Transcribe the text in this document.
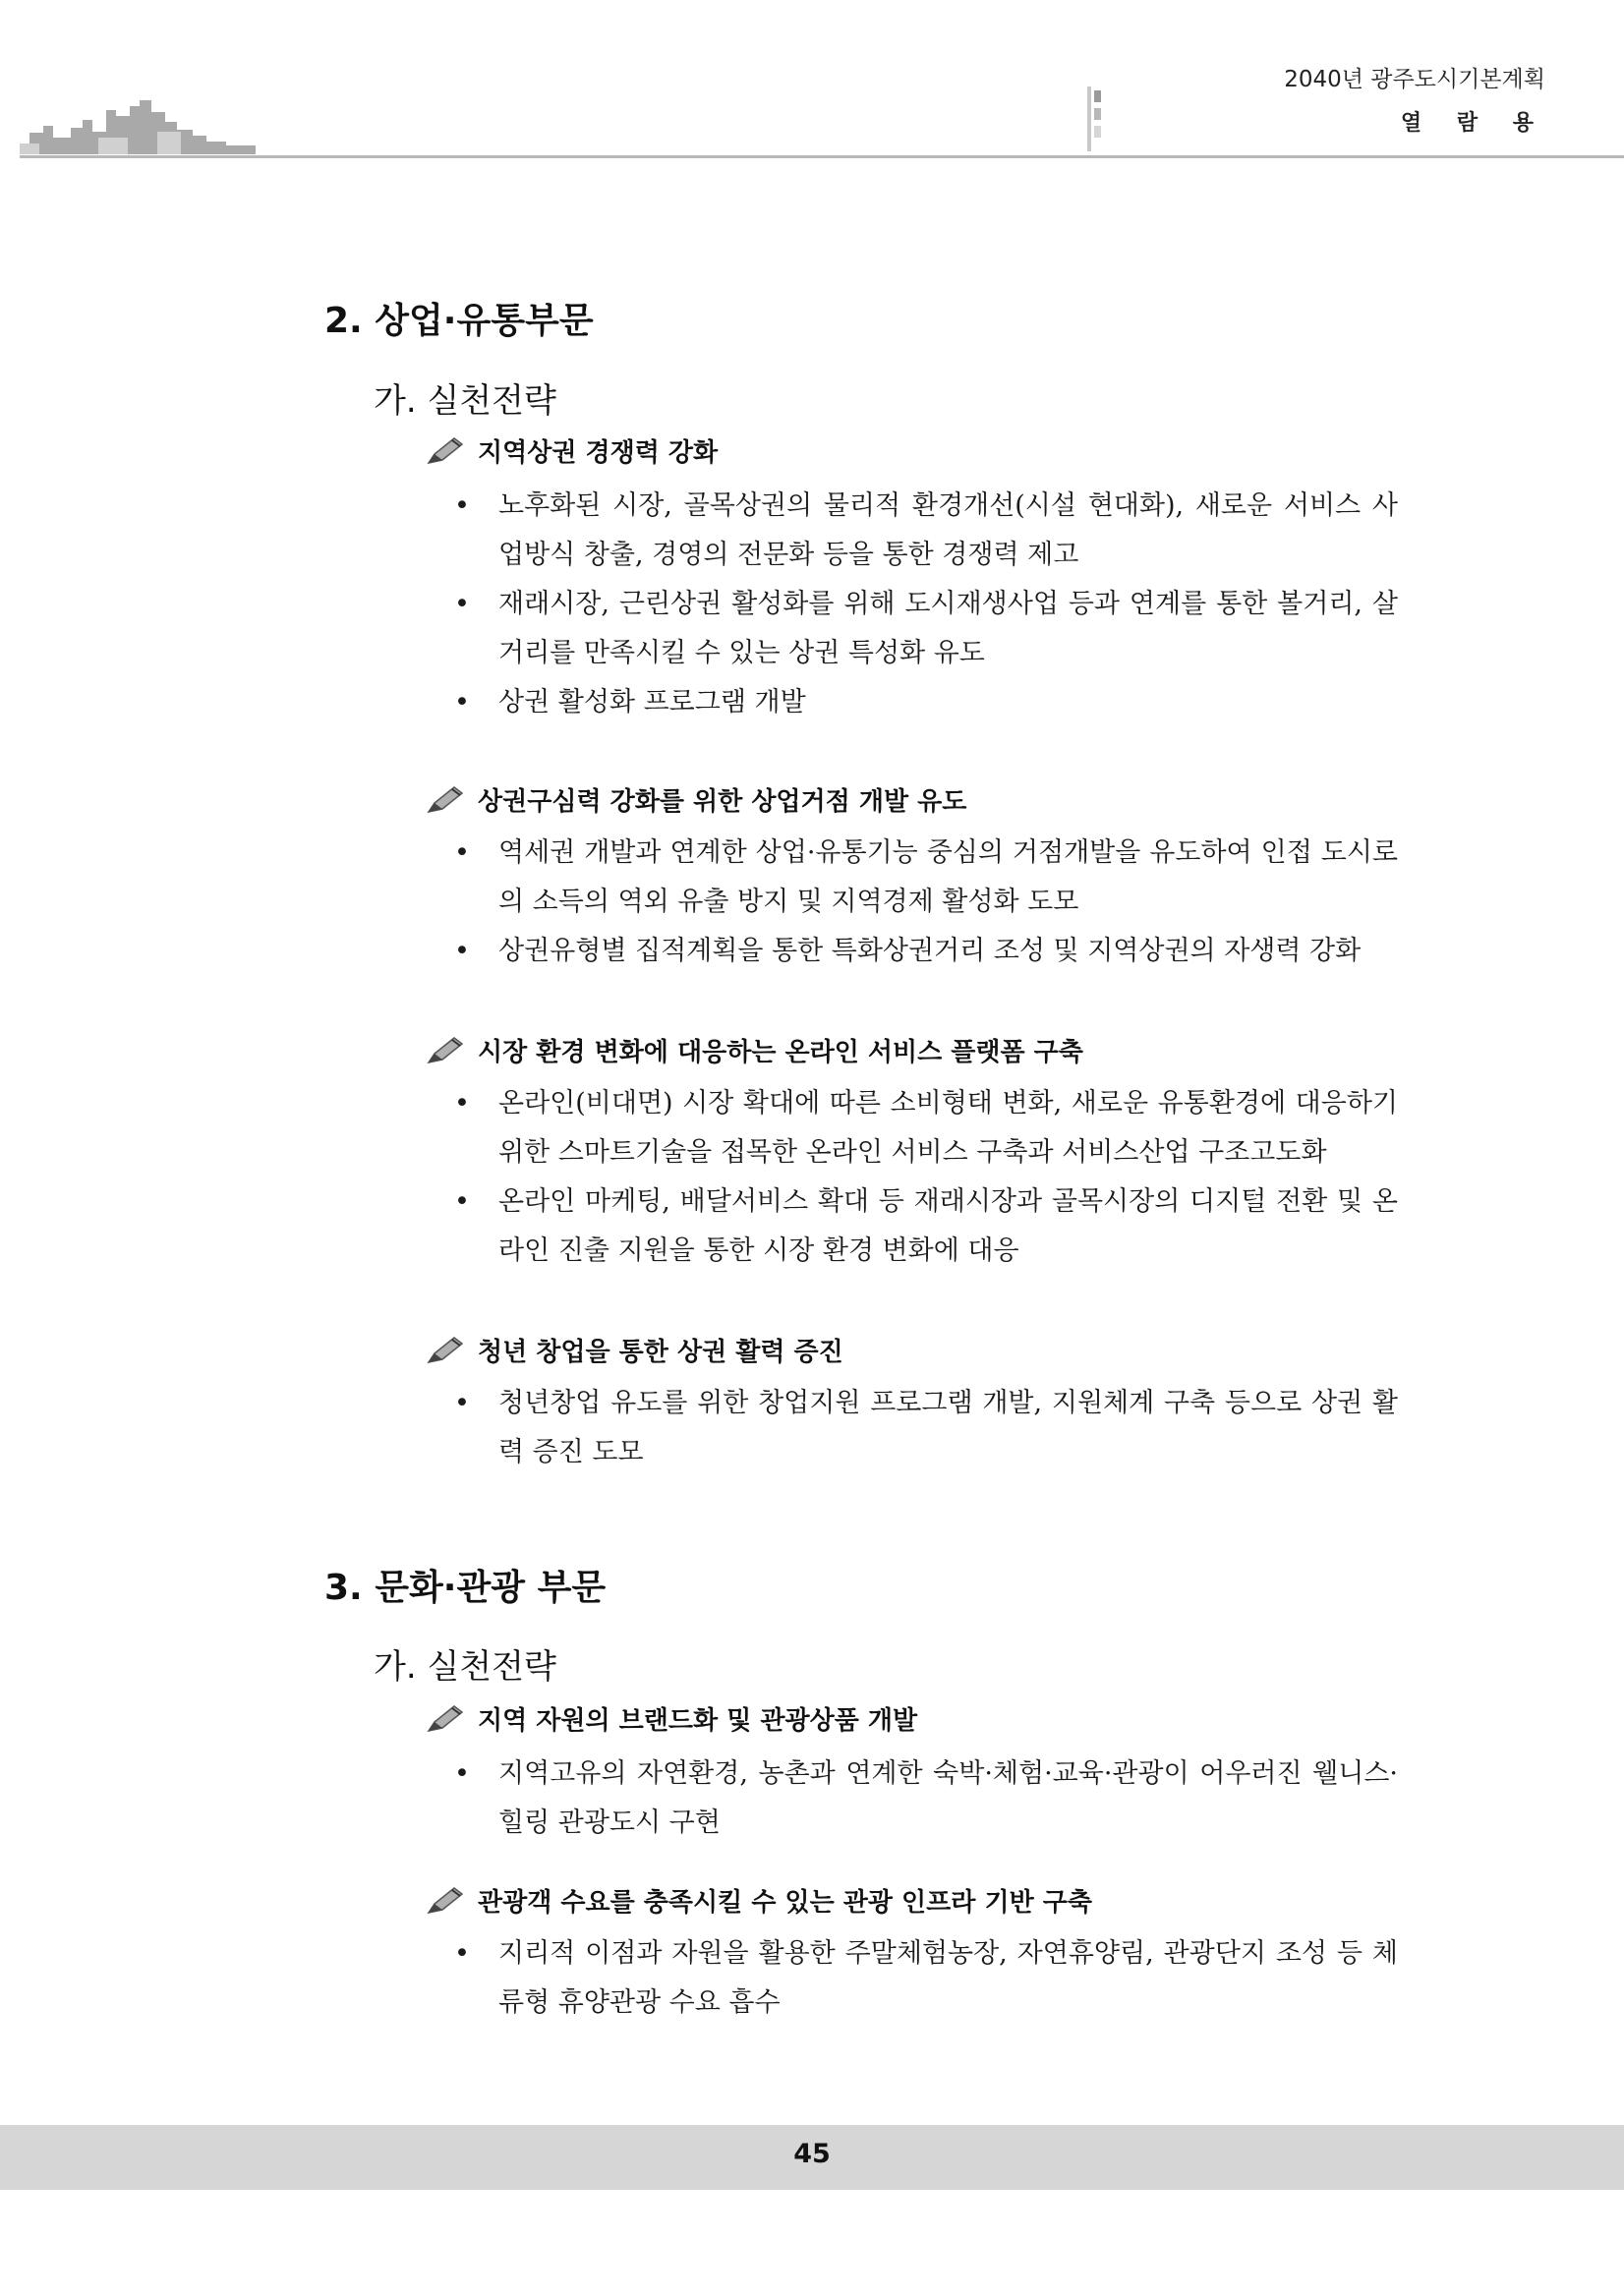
2040년 광주도시기본계획
열 람 용
2. 상업·유통부문
가. 실천전략
지역상권 경쟁력 강화
• 노후화된 시장, 골목상권의 물리적 환경개선(시설 현대화), 새로운 서비스 사업방식 창출, 경영의 전문화 등을 통한 경쟁력 제고
• 재래시장, 근린상권 활성화를 위해 도시재생사업 등과 연계를 통한 볼거리, 살거리를 만족시킬 수 있는 상권 특성화 유도
• 상권 활성화 프로그램 개발
상권구심력 강화를 위한 상업거점 개발 유도
• 역세권 개발과 연계한 상업·유통기능 중심의 거점개발을 유도하여 인접 도시로의 소득의 역외 유출 방지 및 지역경제 활성화 도모
• 상권유형별 집적계획을 통한 특화상권거리 조성 및 지역상권의 자생력 강화
시장 환경 변화에 대응하는 온라인 서비스 플랫폼 구축
• 온라인(비대면) 시장 확대에 따른 소비형태 변화, 새로운 유통환경에 대응하기 위한 스마트기술을 접목한 온라인 서비스 구축과 서비스산업 구조고도화
• 온라인 마케팅, 배달서비스 확대 등 재래시장과 골목시장의 디지털 전환 및 온라인 진출 지원을 통한 시장 환경 변화에 대응
청년 창업을 통한 상권 활력 증진
• 청년창업 유도를 위한 창업지원 프로그램 개발, 지원체계 구축 등으로 상권 활력 증진 도모
3. 문화·관광 부문
가. 실천전략
지역 자원의 브랜드화 및 관광상품 개발
• 지역고유의 자연환경, 농촌과 연계한 숙박·체험·교육·관광이 어우러진 웰니스·힐링 관광도시 구현
관광객 수요를 충족시킬 수 있는 관광 인프라 기반 구축
• 지리적 이점과 자원을 활용한 주말체험농장, 자연휴양림, 관광단지 조성 등 체류형 휴양관광 수요 흡수
45
